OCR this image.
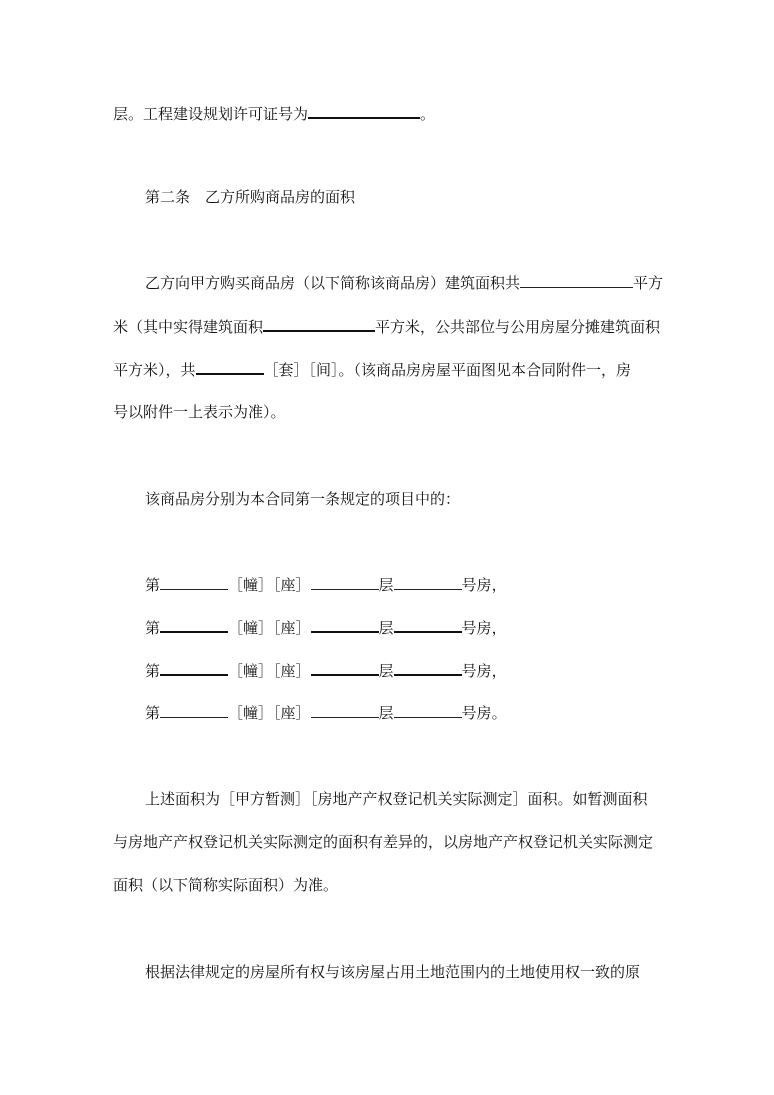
层。工程建设规划许可证号为	。
第二条　乙方所购商品房的面积
乙方向甲方购买商品房（以下简称该商品房）建筑面积共	平方
米（其中实得建筑面积	平方米，公共部位与公用房屋分摊建筑面积
平方米），共	［套］［间］。（该商品房房屋平面图见本合同附件一，房
号以附件一上表示为准）。
该商品房分别为本合同第一条规定的项目中的：
第	［幢］［座］	层	号房，
第	［幢］［座］	层	号房，
第	［幢］［座］	层	号房，
第	［幢］［座］	层	号房。
上述面积为［甲方暂测］［房地产产权登记机关实际测定］面积。如暂测面积
与房地产产权登记机关实际测定的面积有差异的，以房地产产权登记机关实际测定
面积（以下简称实际面积）为准。
根据法律规定的房屋所有权与该房屋占用土地范围内的土地使用权一致的原
